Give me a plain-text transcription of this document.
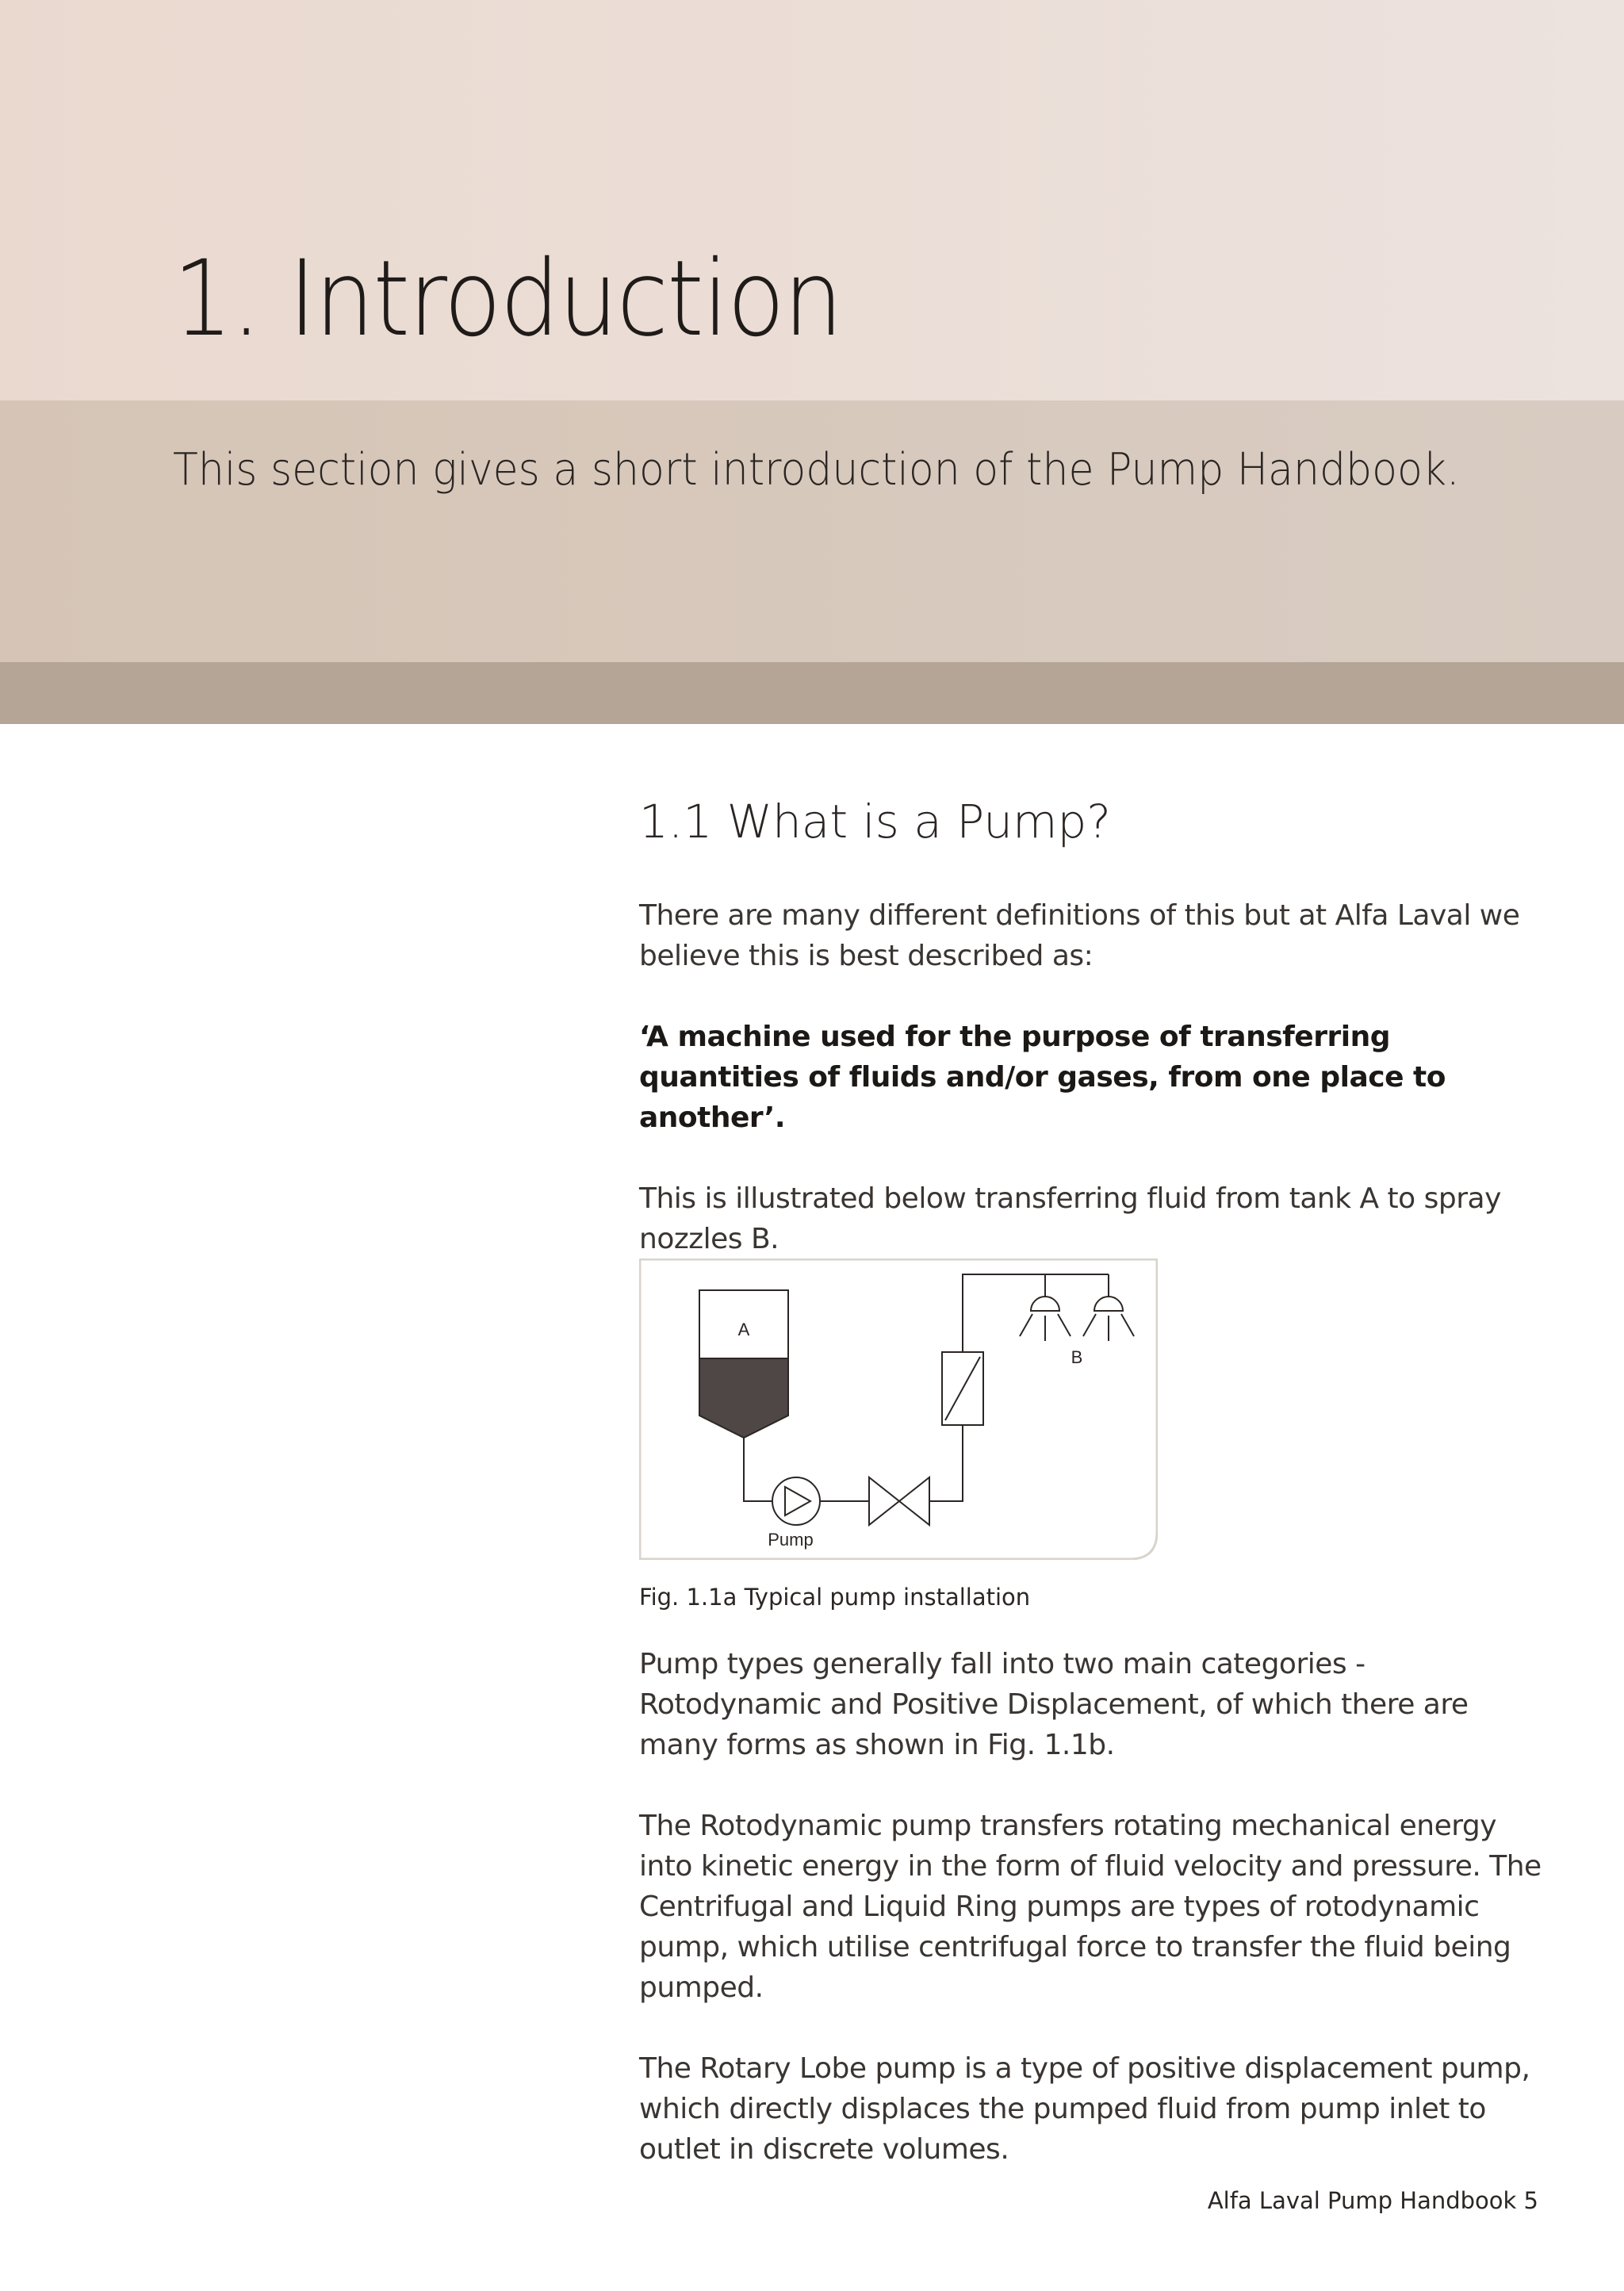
1. Introduction
This section gives a short introduction of the Pump Handbook.
1.1 What is a Pump?

There are many different definitions of this but at Alfa Laval we believe this is best described as:

‘A machine used for the purpose of transferring quantities of fluids and/or gases, from one place to another’.

This is illustrated below transferring fluid from tank A to spray nozzles B.

A
Pump
B
Fig. 1.1a Typical pump installation

Pump types generally fall into two main categories - Rotodynamic and Positive Displacement, of which there are many forms as shown in Fig. 1.1b.

The Rotodynamic pump transfers rotating mechanical energy into kinetic energy in the form of fluid velocity and pressure. The Centrifugal and Liquid Ring pumps are types of rotodynamic pump, which utilise centrifugal force to transfer the fluid being pumped.

The Rotary Lobe pump is a type of positive displacement pump, which directly displaces the pumped fluid from pump inlet to outlet in discrete volumes.

Alfa Laval Pump Handbook 5
